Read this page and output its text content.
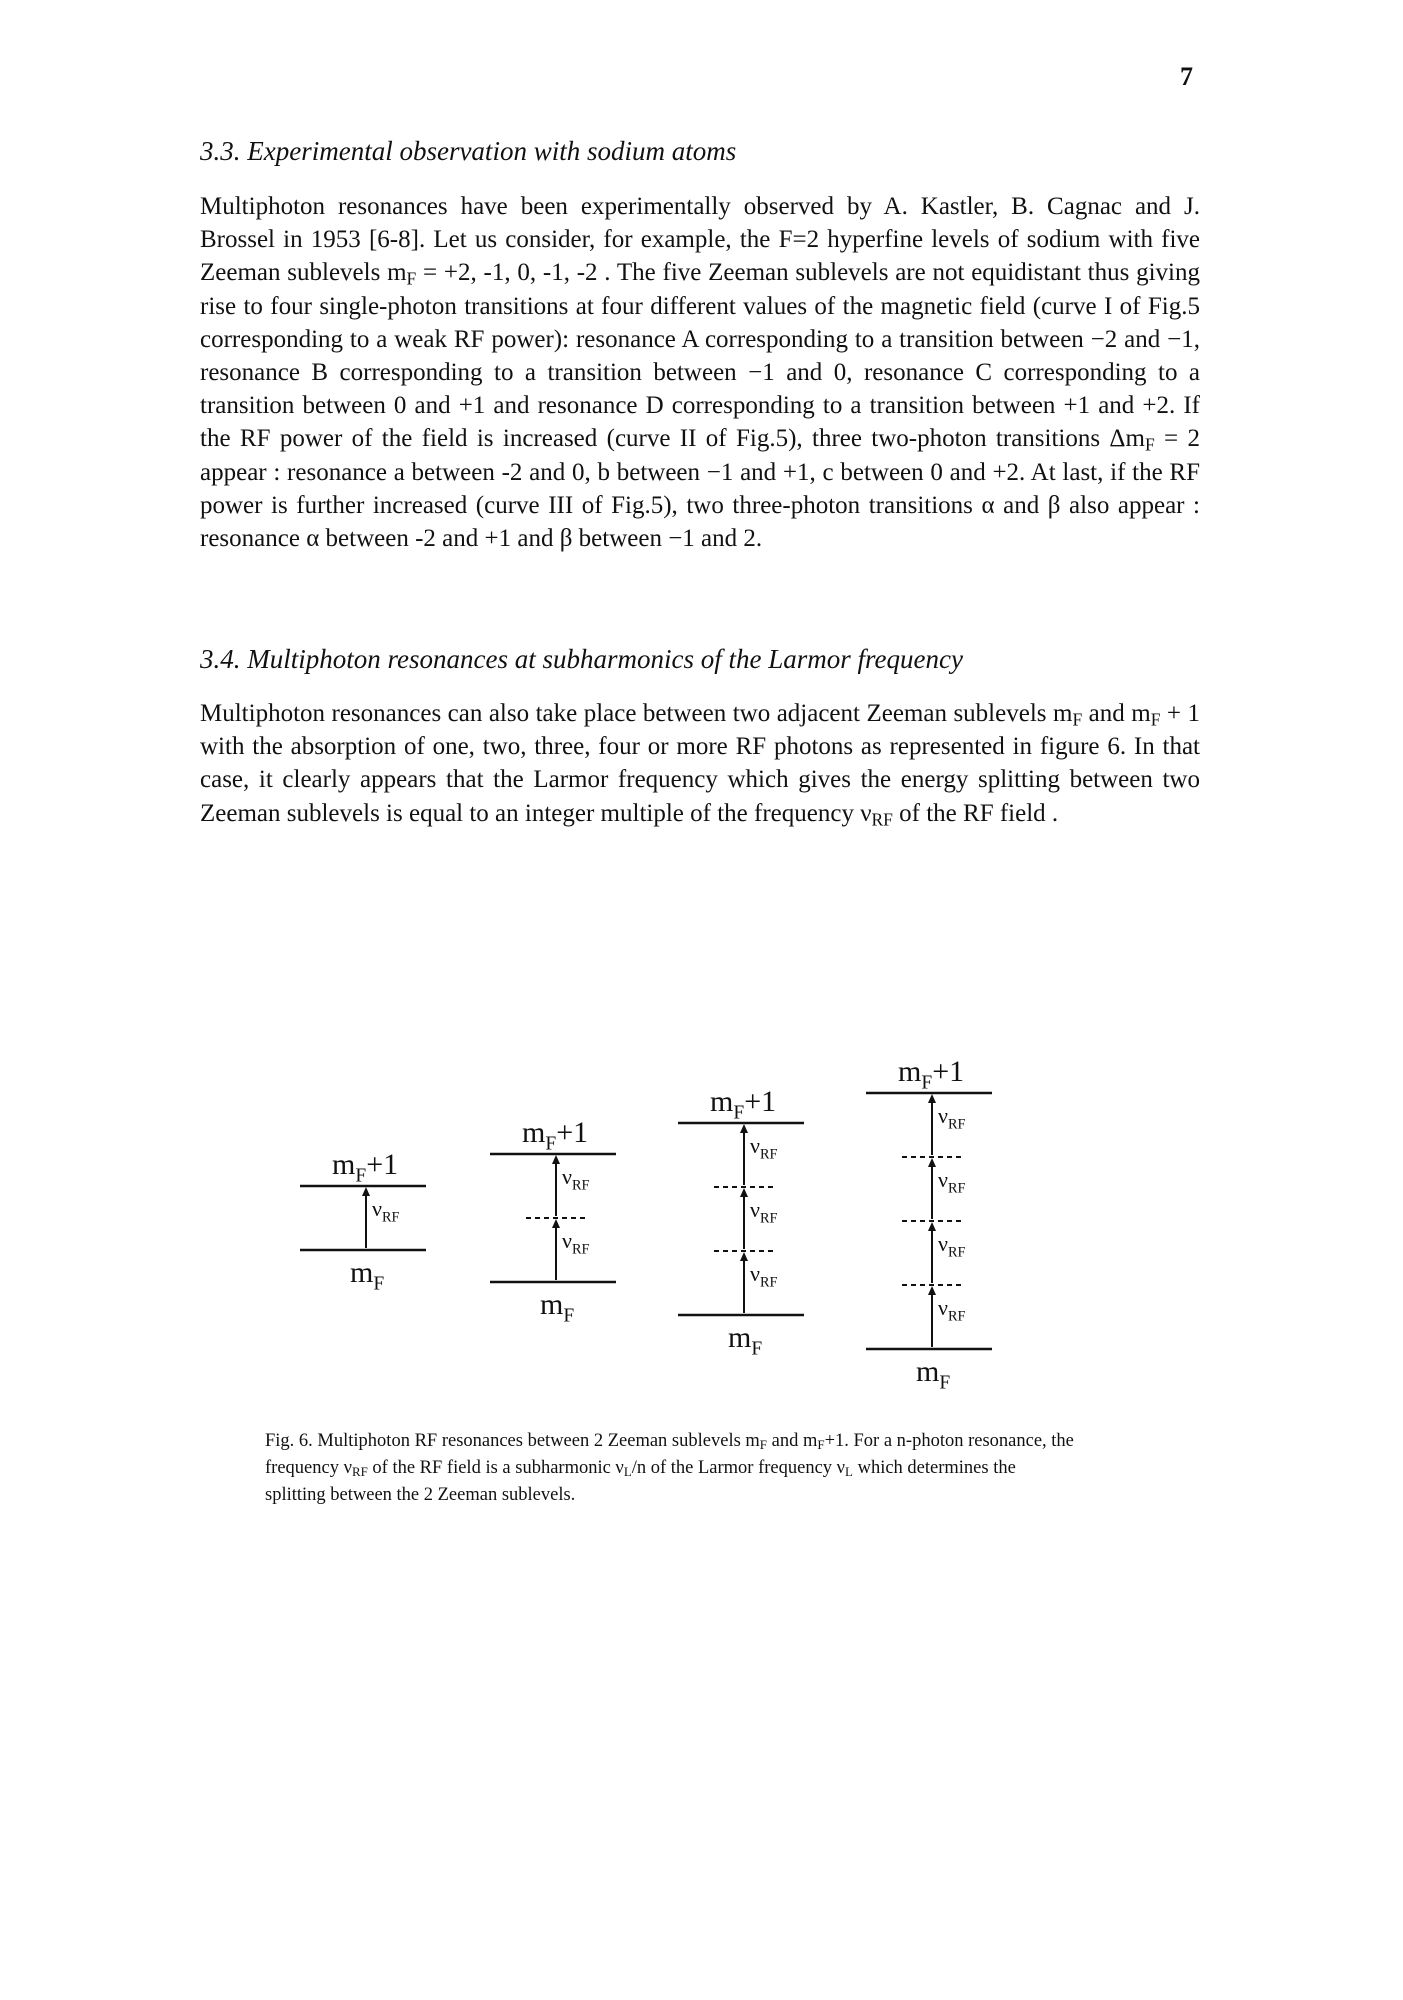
7
3.3. Experimental observation with sodium atoms

Multiphoton resonances have been experimentally observed by A. Kastler, B. Cagnac and J. Brossel in 1953 [6-8]. Let us consider, for example, the F=2 hyperfine levels of sodium with five Zeeman sublevels $m_F = +2$, -1, 0, -1, -2 . The five Zeeman sublevels are not equidistant thus giving rise to four single-photon transitions at four different values of the magnetic field (curve I of Fig.5 corresponding to a weak RF power): resonance A corresponding to a transition between −2 and −1, resonance B corresponding to a transition between −1 and 0, resonance C corresponding to a transition between 0 and +1 and resonance D corresponding to a transition between +1 and +2. If the RF power of the field is increased (curve II of Fig.5), three two-photon transitions $\Delta m_F = 2$ appear : resonance a between -2 and 0, b between −1 and +1, c between 0 and +2. At last, if the RF power is further increased (curve III of Fig.5), two three-photon transitions α and β also appear : resonance α between -2 and +1 and β between −1 and 2.

3.4. Multiphoton resonances at subharmonics of the Larmor frequency

Multiphoton resonances can also take place between two adjacent Zeeman sublevels $m_F$ and $m_F + 1$ with the absorption of one, two, three, four or more RF photons as represented in figure 6. In that case, it clearly appears that the Larmor frequency which gives the energy splitting between two Zeeman sublevels is equal to an integer multiple of the frequency $\nu_{RF}$ of the RF field .

$m_F+1$
$m_F$
$\nu_{RF}$
$m_F+1$
$m_F$
$\nu_{RF}$
$\nu_{RF}$
$m_F+1$
$m_F$
$\nu_{RF}$
$\nu_{RF}$
$\nu_{RF}$
$m_F+1$
$m_F$
$\nu_{RF}$
$\nu_{RF}$
$\nu_{RF}$
$\nu_{RF}$

Fig. 6. Multiphoton RF resonances between 2 Zeeman sublevels $m_F$ and $m_F+1$. For a n-photon resonance, the frequency $\nu_{RF}$ of the RF field is a subharmonic $\nu_L/n$ of the Larmor frequency $\nu_L$ which determines the splitting between the 2 Zeeman sublevels.
